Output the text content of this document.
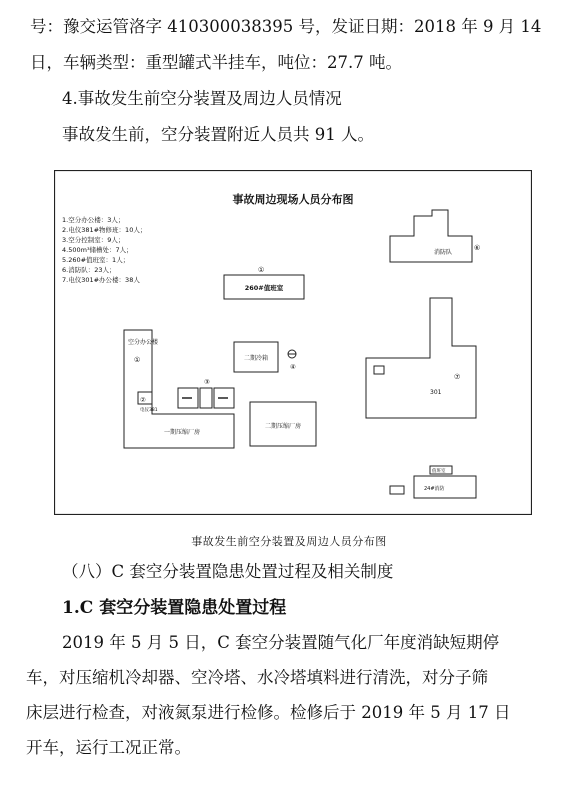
号：豫交运管洛字 410300038395 号，发证日期：2018 年 9 月 14
日，车辆类型：重型罐式半挂车，吨位：27.7 吨。
4.事故发生前空分装置及周边人员情况
事故发生前，空分装置附近人员共 91 人。
事故周边现场人员分布图
1.空分办公楼：3人；
2.电仪381#物修班：10人；
3.空分控制室：9人；
4.500m³储槽处：7人；
5.260#值班室：1人；
6.消防队：23人；
7.电仪301#办公楼：38人
①
260#值班室
消防队
⑥
空分办公楼
①
②
电仪381
一期压缩厂房
二期冷箱
④
③
二期压缩厂房
⑦
301
值班室
24#消防
事故发生前空分装置及周边人员分布图
（八）C 套空分装置隐患处置过程及相关制度
1.C 套空分装置隐患处置过程
2019 年 5 月 5 日，C 套空分装置随气化厂年度消缺短期停
车，对压缩机冷却器、空冷塔、水冷塔填料进行清洗，对分子筛
床层进行检查，对液氮泵进行检修。检修后于 2019 年 5 月 17 日
开车，运行工况正常。
